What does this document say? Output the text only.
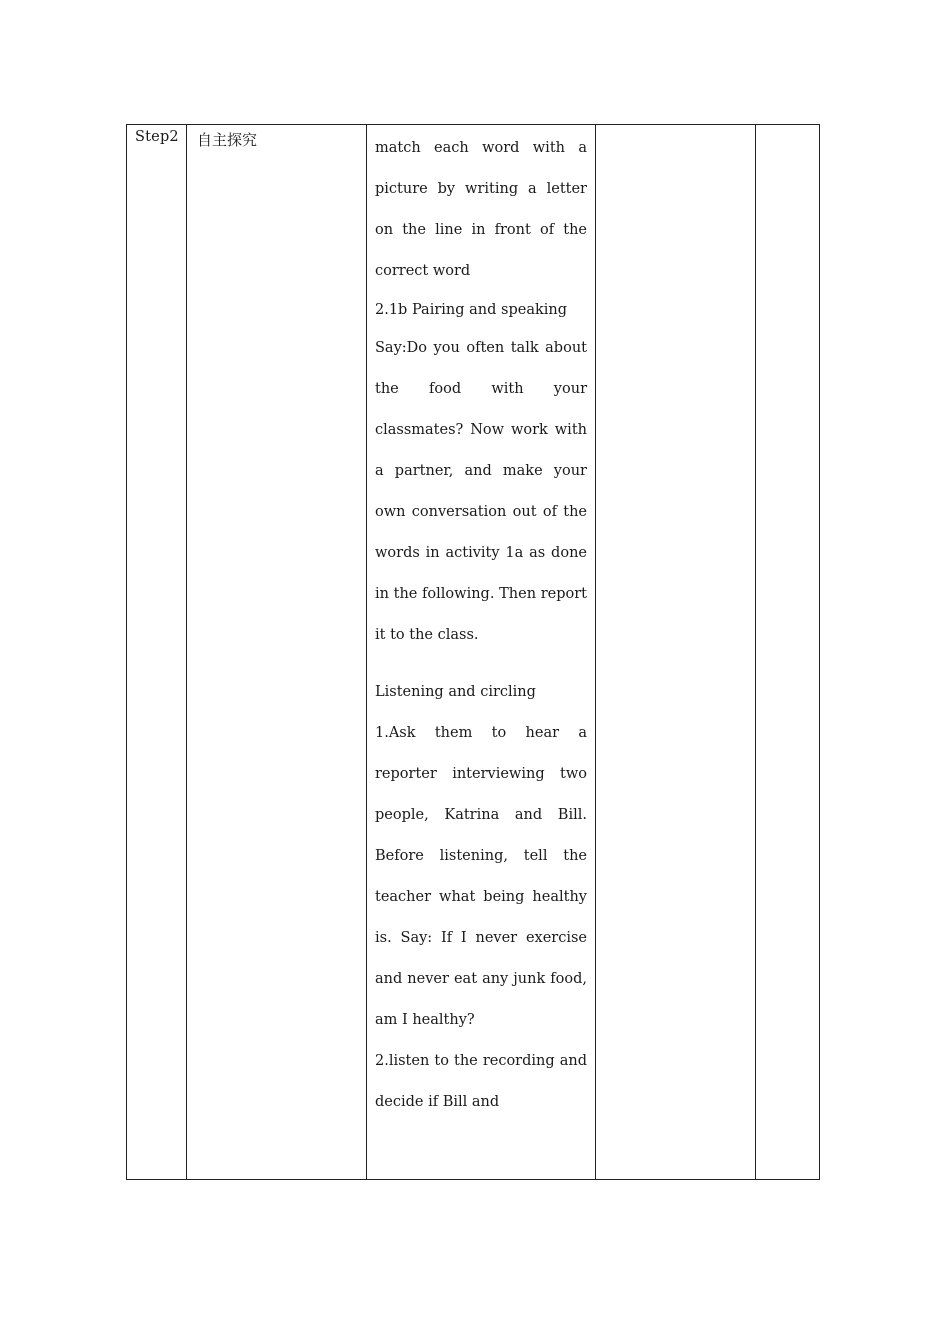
Step2	自主探究	match each word with a picture by writing a letter on the line in front of the correct word

2.1b Pairing and speaking

Say:Do you often talk about the food with your classmates? Now work with a partner, and make your own conversation out of the words in activity 1a as done in the following. Then report it to the class.

Listening and circling

1.Ask them to hear a reporter interviewing two people, Katrina and Bill. Before listening, tell the teacher what being healthy is. Say: If I never exercise and never eat any junk food, am I healthy?

2.listen to the recording and decide if Bill and
